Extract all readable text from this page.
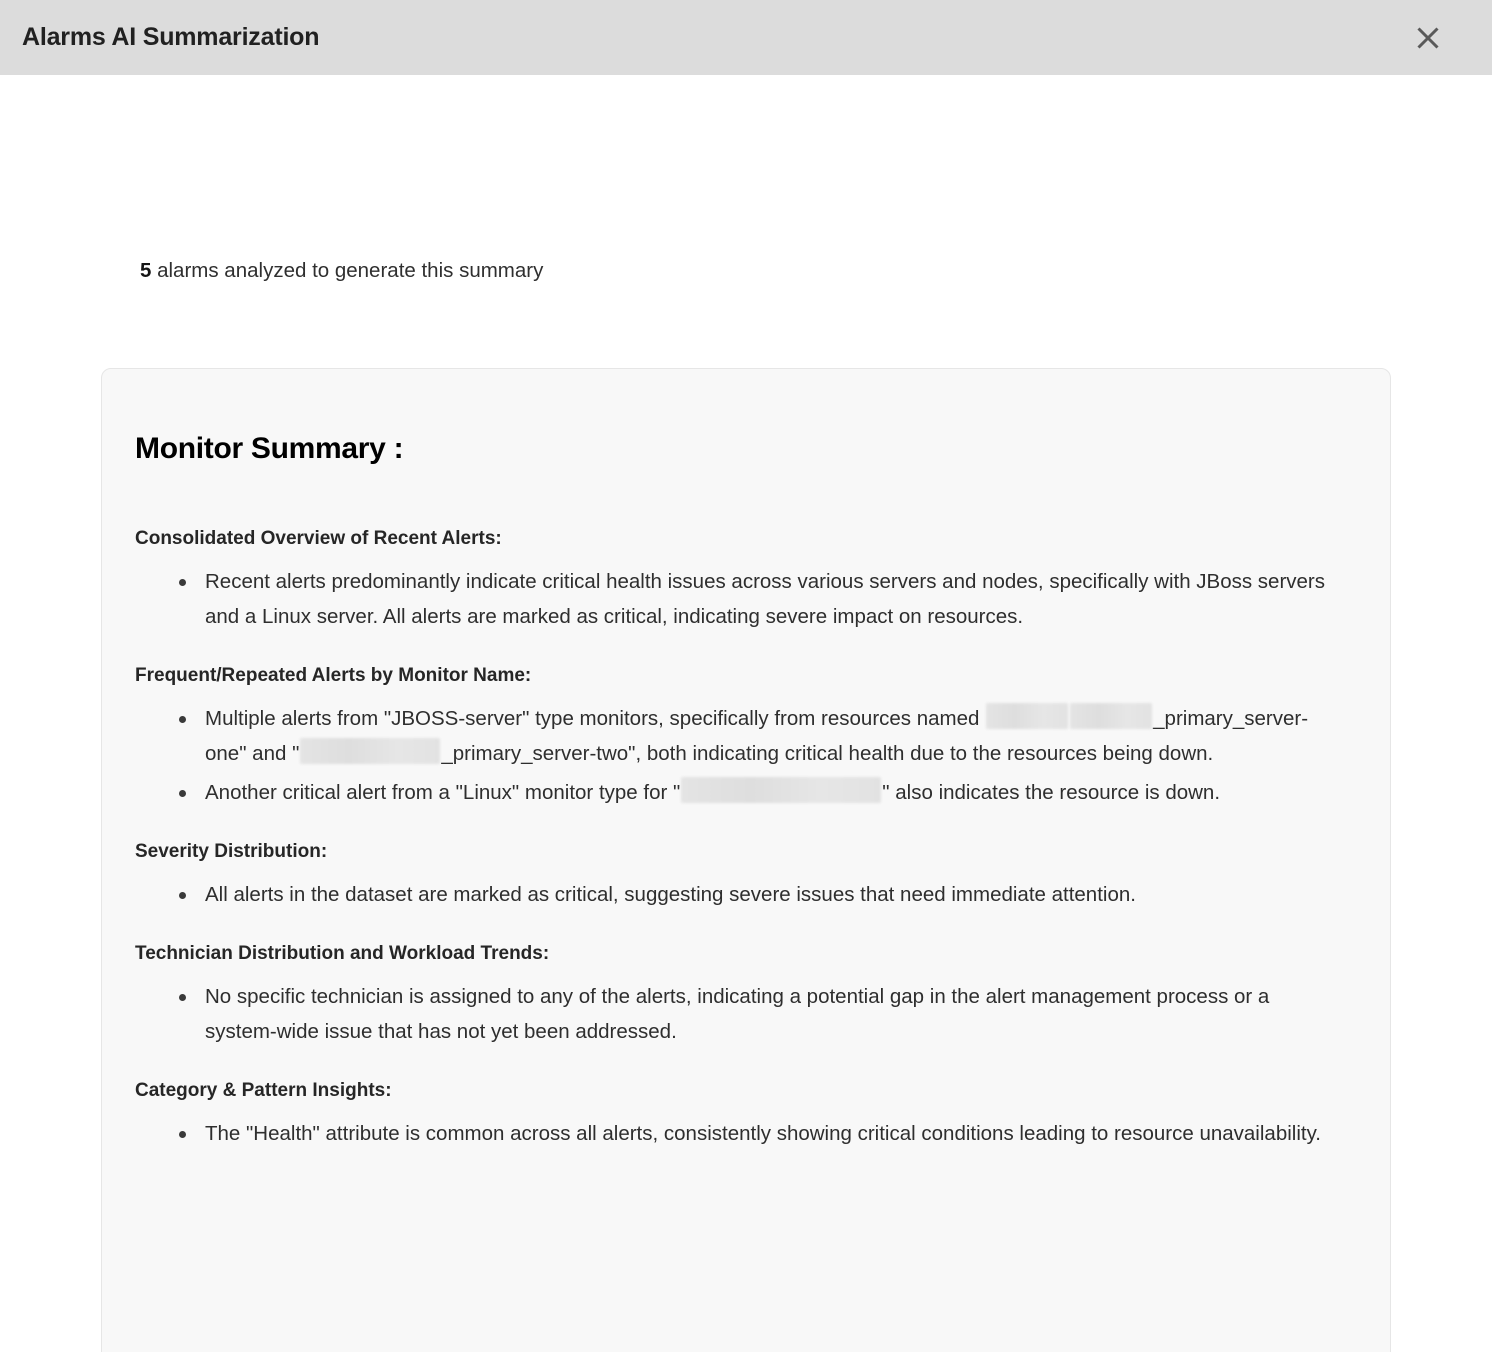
Alarms AI Summarization
5 alarms analyzed to generate this summary
Monitor Summary :
Consolidated Overview of Recent Alerts:
Recent alerts predominantly indicate critical health issues across various servers and nodes, specifically with JBoss servers and a Linux server. All alerts are marked as critical, indicating severe impact on resources.
Frequent/Repeated Alerts by Monitor Name:
Multiple alerts from "JBOSS-server" type monitors, specifically from resources named	_primary_server-one" and "	_primary_server-two", both indicating critical health due to the resources being down.
Another critical alert from a "Linux" monitor type for "	" also indicates the resource is down.
Severity Distribution:
All alerts in the dataset are marked as critical, suggesting severe issues that need immediate attention.
Technician Distribution and Workload Trends:
No specific technician is assigned to any of the alerts, indicating a potential gap in the alert management process or a system-wide issue that has not yet been addressed.
Category & Pattern Insights:
The "Health" attribute is common across all alerts, consistently showing critical conditions leading to resource unavailability.
